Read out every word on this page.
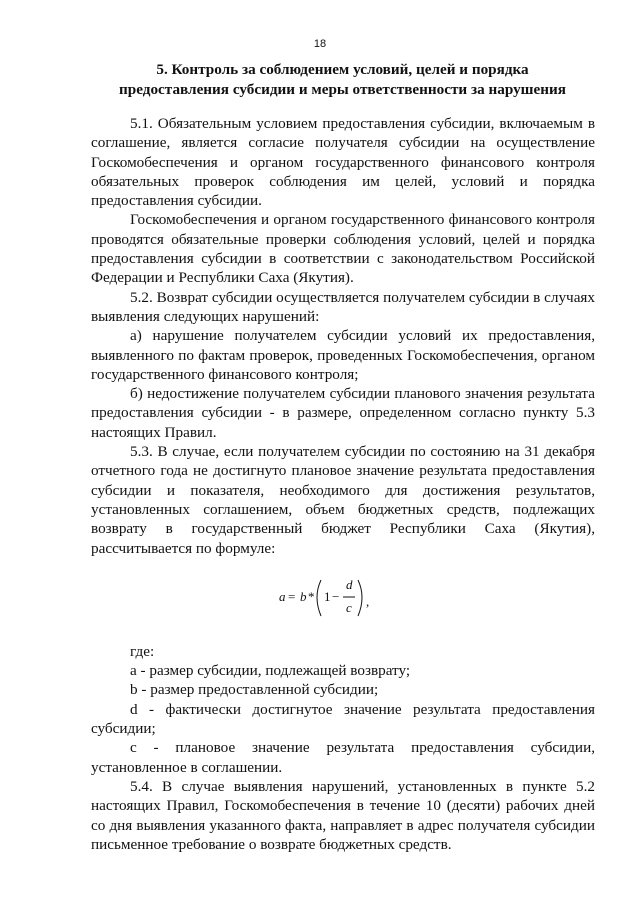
18
5. Контроль за соблюдением условий, целей и порядка
предоставления субсидии и меры ответственности за нарушения

5.1. Обязательным условием предоставления субсидии, включаемым в соглашение, является согласие получателя субсидии на осуществление Госкомобеспечения и органом государственного финансового контроля обязательных проверок соблюдения им целей, условий и порядка предоставления субсидии.

Госкомобеспечения и органом государственного финансового контроля проводятся обязательные проверки соблюдения условий, целей и порядка предоставления субсидии в соответствии с законодательством Российской Федерации и Республики Саха (Якутия).

5.2. Возврат субсидии осуществляется получателем субсидии в случаях выявления следующих нарушений:

а) нарушение получателем субсидии условий их предоставления, выявленного по фактам проверок, проведенных Госкомобеспечения, органом государственного финансового контроля;

б) недостижение получателем субсидии планового значения результата предоставления субсидии - в размере, определенном согласно пункту 5.3 настоящих Правил.

5.3. В случае, если получателем субсидии по состоянию на 31 декабря отчетного года не достигнуто плановое значение результата предоставления субсидии и показателя, необходимого для достижения результатов, установленных соглашением, объем бюджетных средств, подлежащих возврату в государственный бюджет Республики Саха (Якутия), рассчитывается по формуле:

a = b * 1 −
d
c ,

где:

a - размер субсидии, подлежащей возврату;

b - размер предоставленной субсидии;

d - фактически достигнутое значение результата предоставления субсидии;

c - плановое значение результата предоставления субсидии, установленное в соглашении.

5.4. В случае выявления нарушений, установленных в пункте 5.2 настоящих Правил, Госкомобеспечения в течение 10 (десяти) рабочих дней со дня выявления указанного факта, направляет в адрес получателя субсидии письменное требование о возврате бюджетных средств.
